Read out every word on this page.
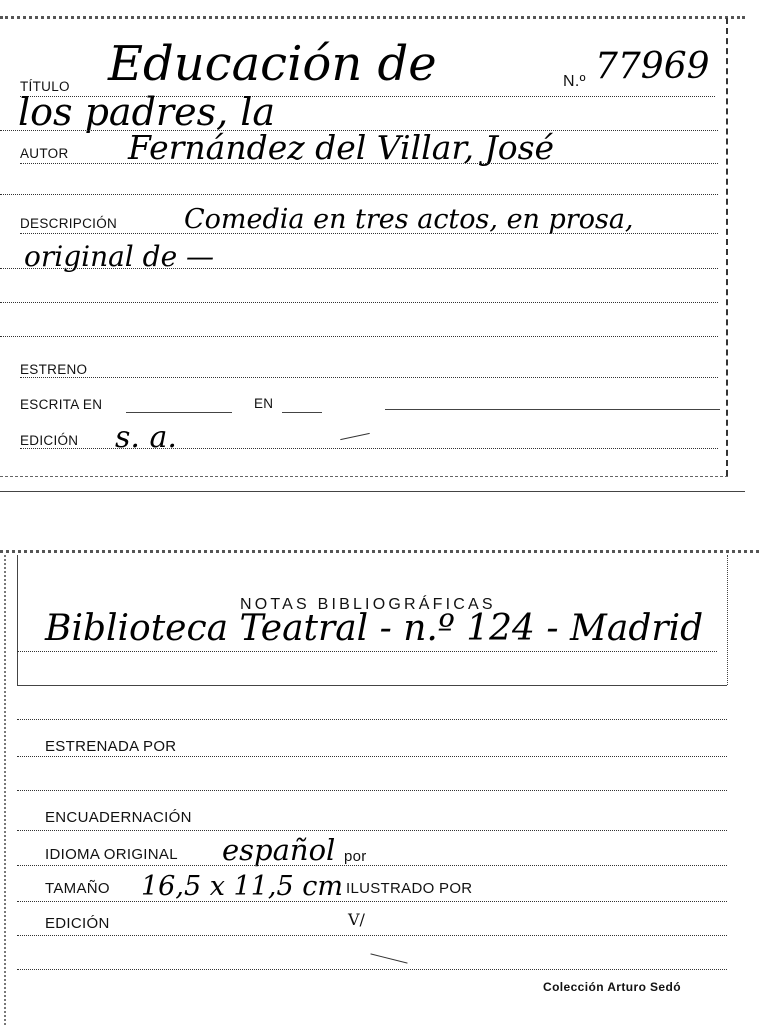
TÍTULO Educación de	N.º 77969
los padres, la
AUTOR Fernández del Villar, José
DESCRIPCIÓN Comedia en tres actos, en prosa,
original de —
ESTRENO
ESCRITA EN	EN
EDICIÓN s. a.
NOTAS BIBLIOGRÁFICAS
Biblioteca Teatral - n.º 124 - Madrid
ESTRENADA POR
ENCUADERNACIÓN
IDIOMA ORIGINAL español por
TAMAÑO 16,5 x 11,5 cm ILUSTRADO POR
EDICIÓN	V/
Colección Arturo Sedó
